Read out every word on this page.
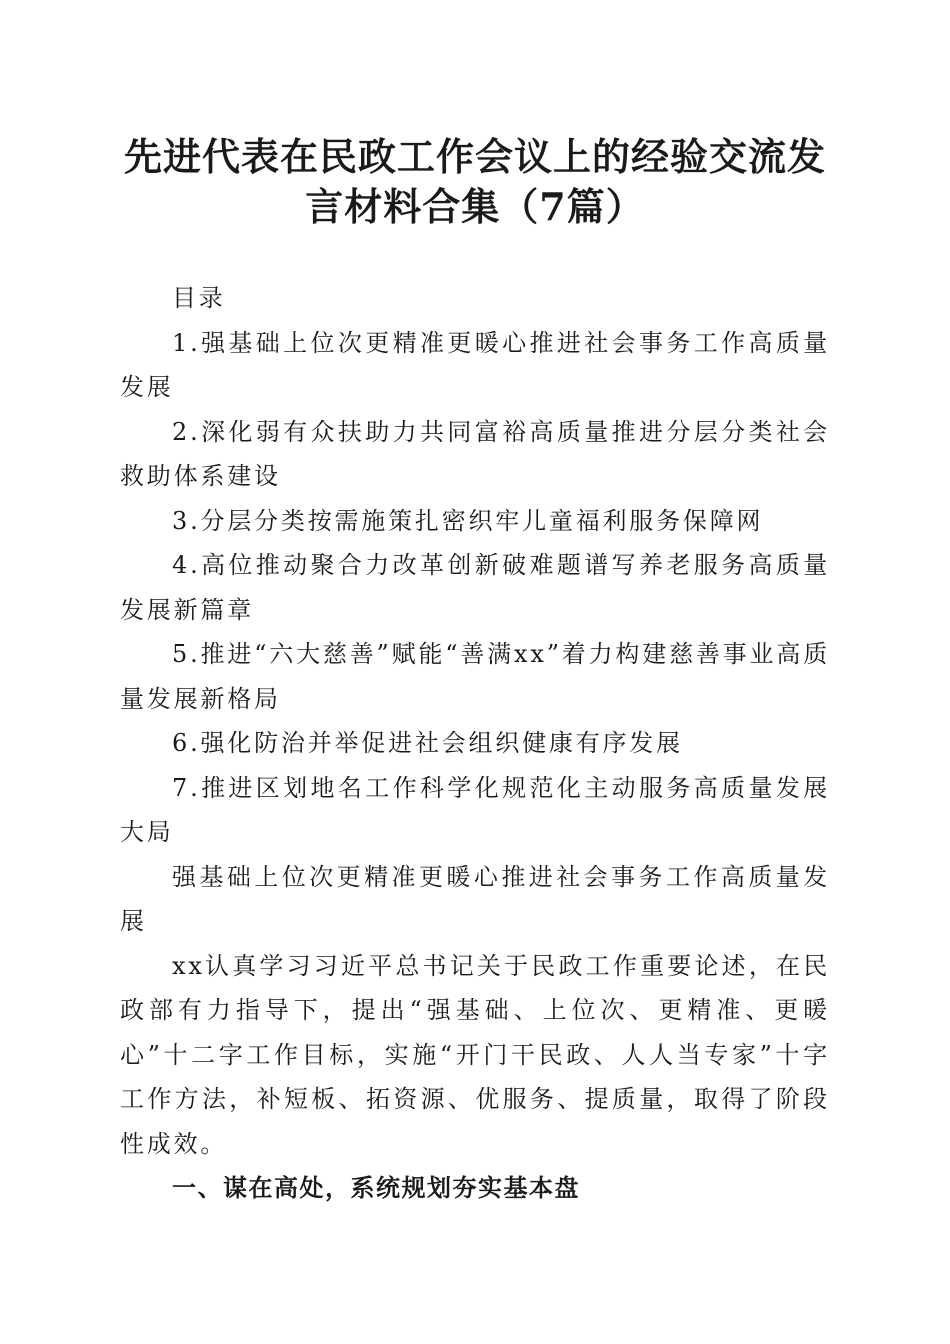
先进代表在民政工作会议上的经验交流发言材料合集（7篇）

目录

1.强基础上位次更精准更暖心推进社会事务工作高质量发展

2.深化弱有众扶助力共同富裕高质量推进分层分类社会救助体系建设

3.分层分类按需施策扎密织牢儿童福利服务保障网

4.高位推动聚合力改革创新破难题谱写养老服务高质量发展新篇章

5.推进“六大慈善”赋能“善满xx”着力构建慈善事业高质量发展新格局

6.强化防治并举促进社会组织健康有序发展

7.推进区划地名工作科学化规范化主动服务高质量发展大局

强基础上位次更精准更暖心推进社会事务工作高质量发展

xx认真学习习近平总书记关于民政工作重要论述，在民政部有力指导下，提出“强基础、上位次、更精准、更暖心”十二字工作目标，实施“开门干民政、人人当专家”十字工作方法，补短板、拓资源、优服务、提质量，取得了阶段性成效。

一、谋在高处，系统规划夯实基本盘
